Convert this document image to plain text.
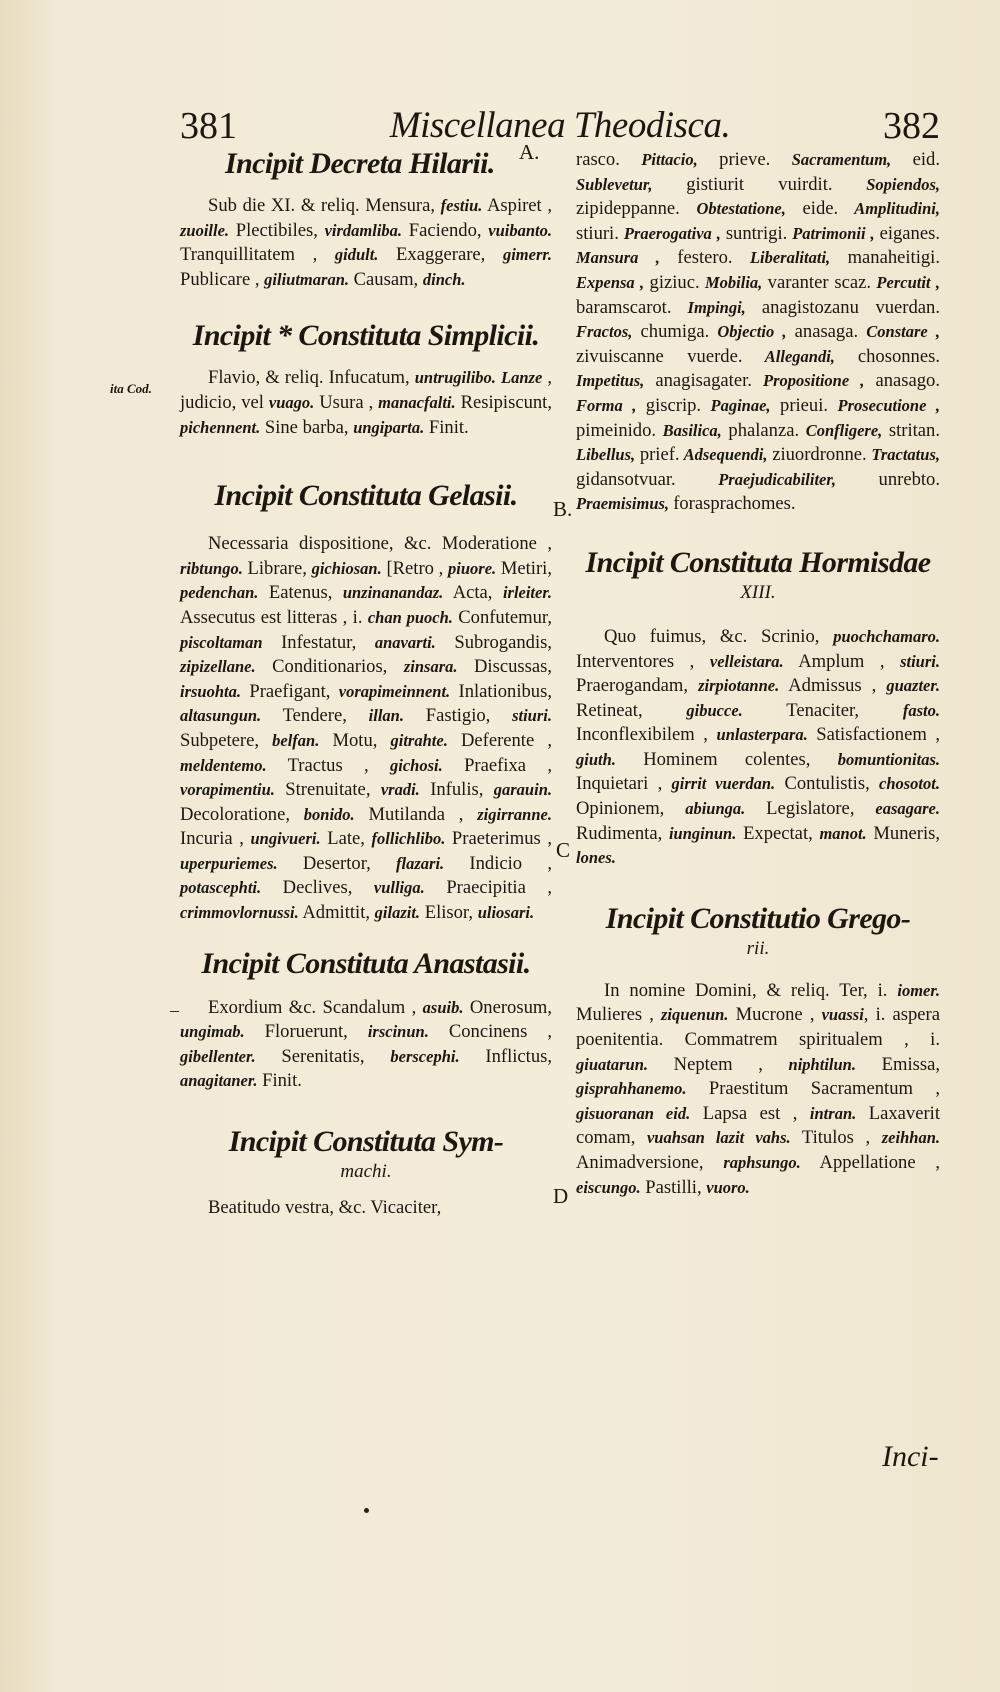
381	Miscellanea Theodisca.	382
ita Cod.
A.
B.
C
D
–
Incipit Decreta Hilarii.

Sub die XI. & reliq. Mensura, festiu. Aspiret , zuoille. Plectibiles, virdamliba. Faciendo, vuibanto. Tranquillitatem , gidult. Exaggerare, gimerr. Publicare , giliutmaran. Causam, dinch.

Incipit * Constituta Simplicii.

Flavio, & reliq. Infucatum, untrugilibo. Lanze , judicio, vel vuago. Usura , manacfalti. Resipiscunt, pichennent. Sine barba, ungiparta. Finit.

Incipit Constituta Gelasii.

Necessaria dispositione, &c. Moderatione , ribtungo. Librare, gichiosan. [Retro , piuore. Metiri, pedenchan. Eatenus, unzinanandaz. Acta, irleiter. Assecutus est litteras , i. chan puoch. Confutemur, piscoltaman Infestatur, anavarti. Subrogandis, zipizellane. Conditionarios, zinsara. Discussas, irsuohta. Praefigant, vorapimeinnent. Inlationibus, altasungun. Tendere, illan. Fastigio, stiuri. Subpetere, belfan. Motu, gitrahte. Deferente , meldentemo. Tractus , gichosi. Praefixa , vorapimentiu. Strenuitate, vradi. Infulis, garauin. Decoloratione, bonido. Mutilanda , zigirranne. Incuria , ungivueri. Late, follichlibo. Praeterimus , uperpuriemes. Desertor, flazari. Indicio , potascephti. Declives, vulliga. Praecipitia , crimmovlornussi. Admittit, gilazit. Elisor, uliosari.

Incipit Constituta Anastasii.

Exordium &c. Scandalum , asuib. Onerosum, ungimab. Floruerunt, irscinun. Concinens , gibellenter. Serenitatis, berscephi. Inflictus, anagitaner. Finit.

Incipit Constituta Sym-
machi.

Beatitudo vestra, &c. Vicaciter,

rasco. Pittacio, prieve. Sacramentum, eid. Sublevetur, gistiurit vuirdit. Sopiendos, zipideppanne. Obtestatione, eide. Amplitudini, stiuri. Praerogativa , suntrigi. Patrimonii , eiganes. Mansura , festero. Liberalitati, manaheitigi. Expensa , giziuc. Mobilia, varanter scaz. Percutit , baramscarot. Impingi, anagistozanu vuerdan. Fractos, chumiga. Objectio , anasaga. Constare , zivuiscanne vuerde. Allegandi, chosonnes. Impetitus, anagisagater. Propositione , anasago. Forma , giscrip. Paginae, prieui. Prosecutione , pimeinido. Basilica, phalanza. Confligere, stritan. Libellus, prief. Adsequendi, ziuordronne. Tractatus, gidansotvuar. Praejudicabiliter, unrebto. Praemisimus, forasprachomes.

Incipit Constituta Hormisdae
XIII.

Quo fuimus, &c. Scrinio, puochchamaro. Interventores , velleistara. Amplum , stiuri. Praerogandam, zirpiotanne. Admissus , guazter. Retineat, gibucce. Tenaciter, fasto. Inconflexibilem , unlasterpara. Satisfactionem , giuth. Hominem colentes, bomuntionitas. Inquietari , girrit vuerdan. Contulistis, chosotot. Opinionem, abiunga. Legislatore, easagare. Rudimenta, iunginun. Expectat, manot. Muneris, lones.

Incipit Constitutio Grego-
rii.

In nomine Domini, & reliq. Ter, i. iomer. Mulieres , ziquenun. Mucrone , vuassi, i. aspera poenitentia. Commatrem spiritualem , i. giuatarun. Neptem , niphtilun. Emissa, gisprahhanemo. Praestitum Sacramentum , gisuoranan eid. Lapsa est , intran. Laxaverit comam, vuahsan lazit vahs. Titulos , zeihhan. Animadversione, raphsungo. Appellatione , eiscungo. Pastilli, vuoro.

Inci-
